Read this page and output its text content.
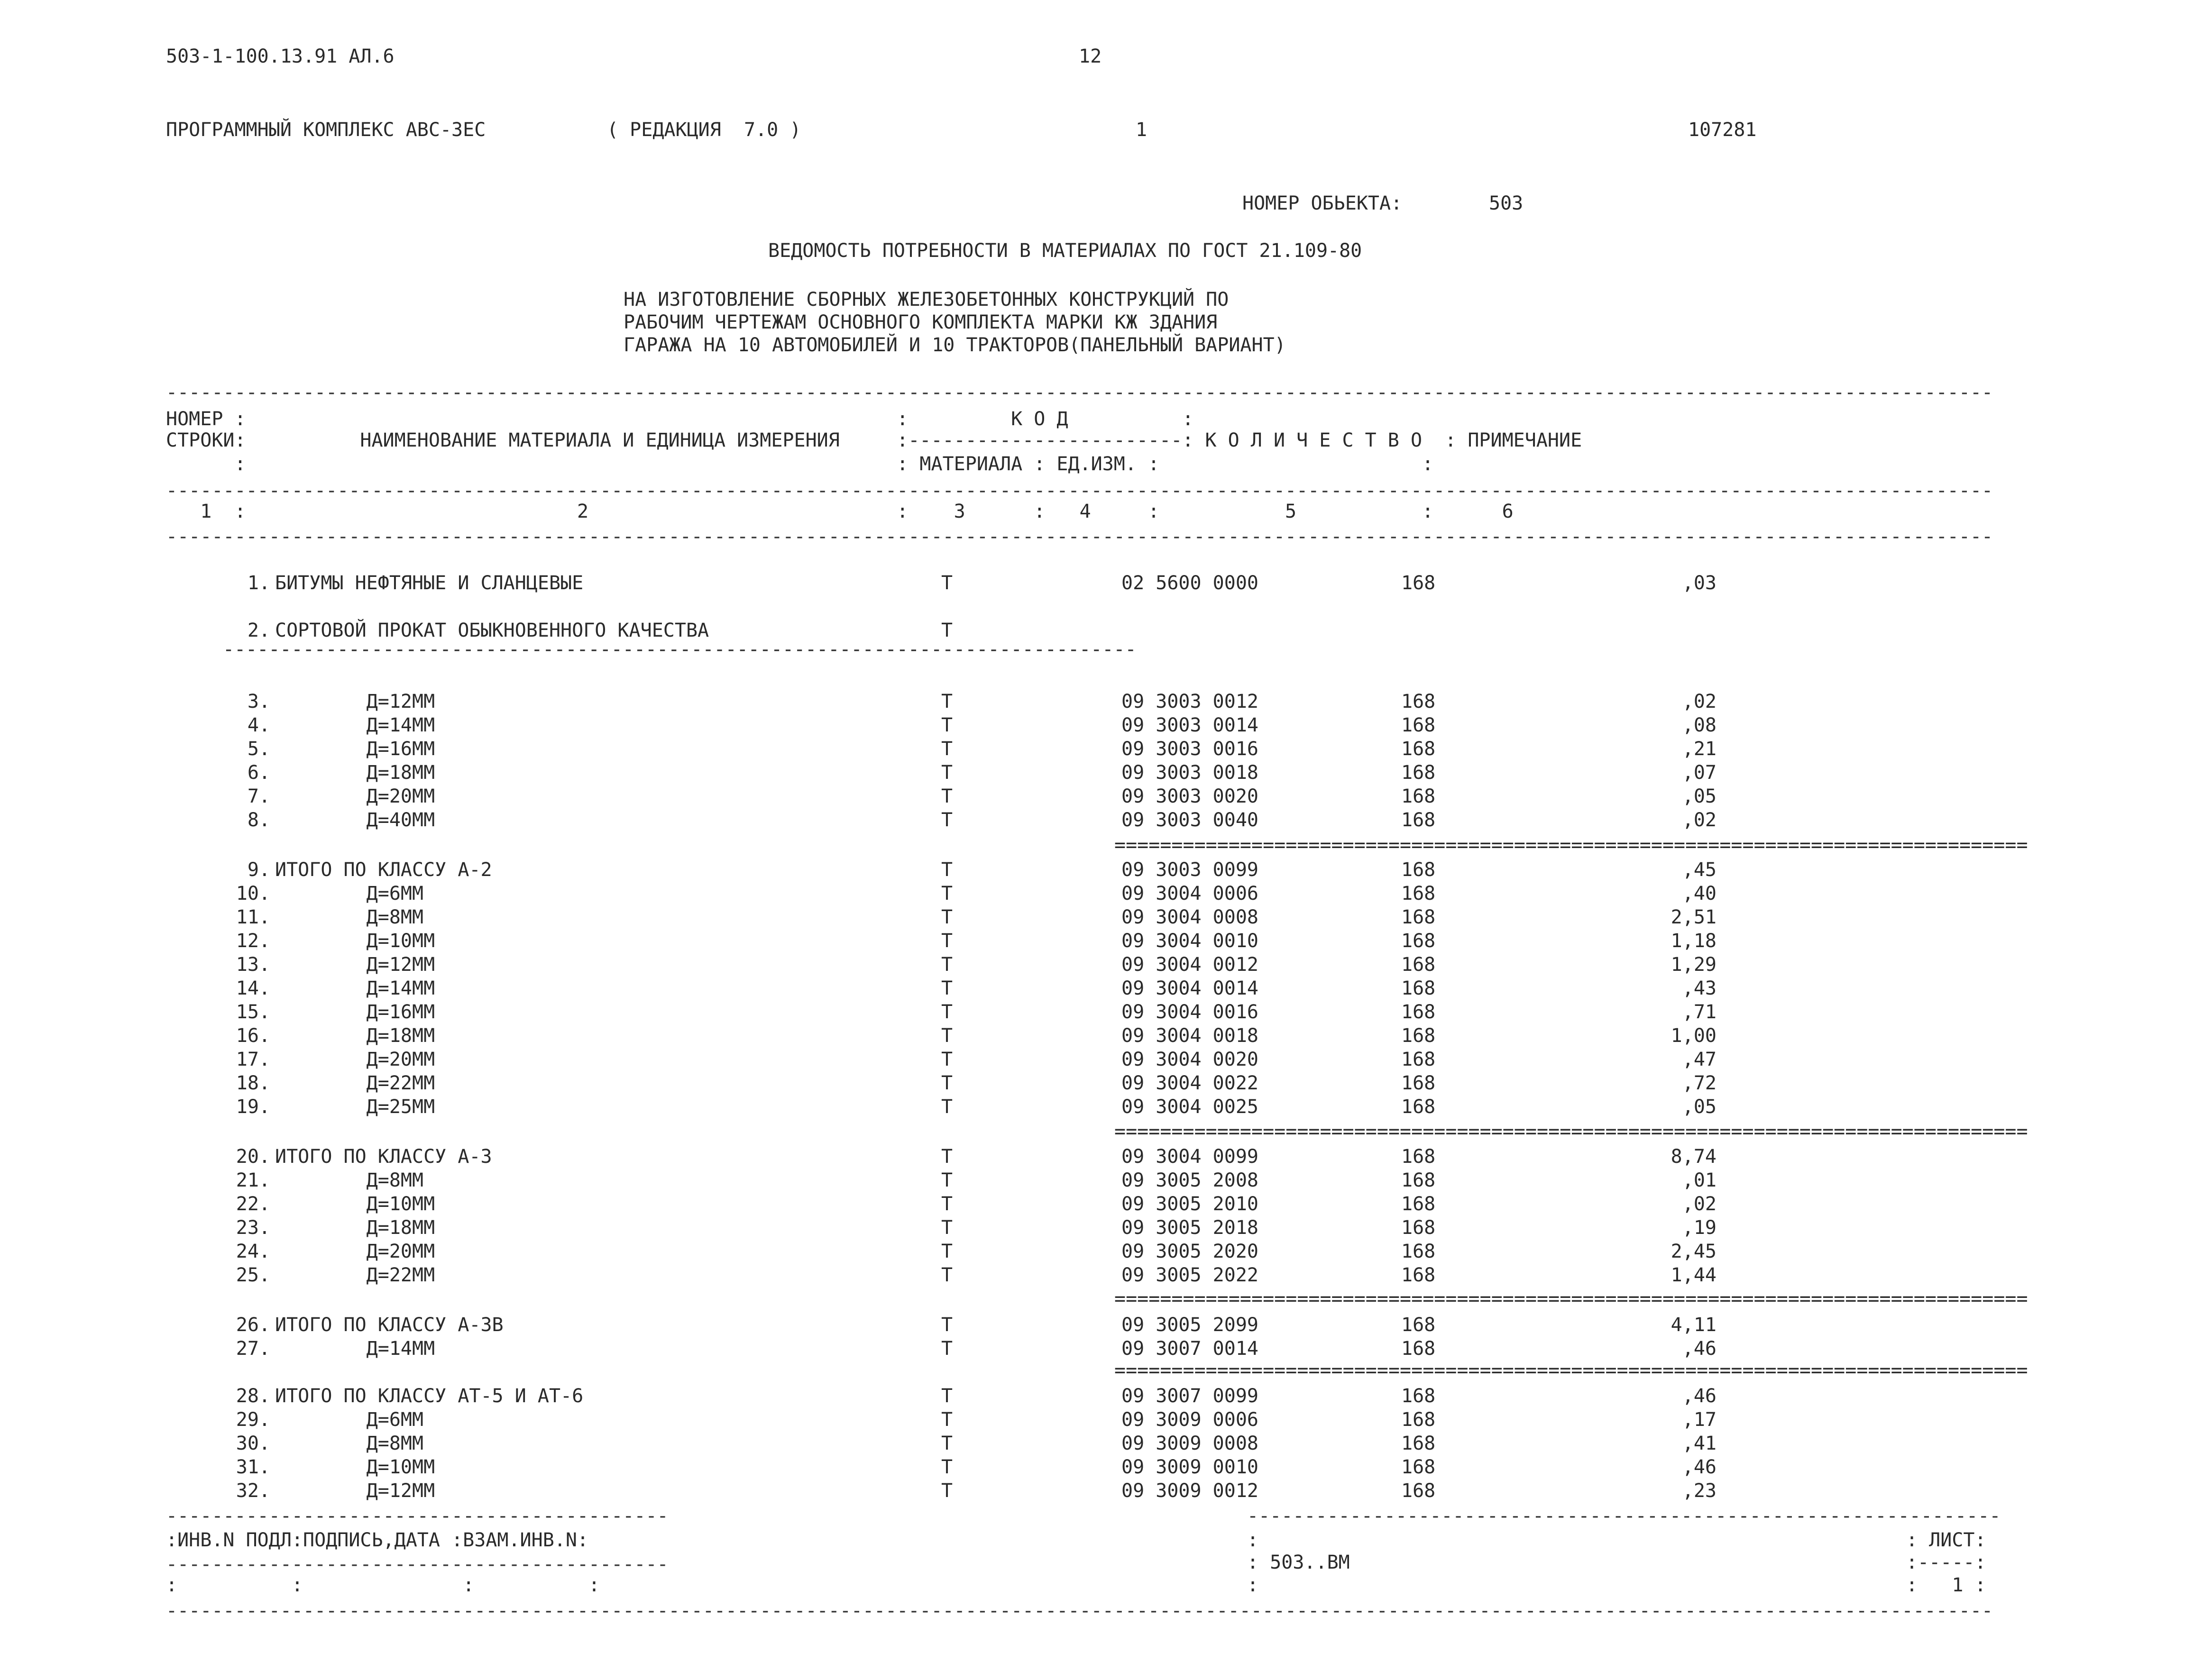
503-1-100.13.91 АЛ.6	12
ПРОГРАММНЫЙ КОМПЛЕКС АВС-3ЕС	( РЕДАКЦИЯ  7.0 )	1	107281
НОМЕР ОБЬЕКТА:	503
ВЕДОМОСТЬ ПОТРЕБНОСТИ В МАТЕРИАЛАХ ПО ГОСТ 21.109-80
НА ИЗГОТОВЛЕНИЕ СБОРНЫХ ЖЕЛЕЗОБЕТОННЫХ КОНСТРУКЦИЙ ПО
РАБОЧИМ ЧЕРТЕЖАМ ОСНОВНОГО КОМПЛЕКТА МАРКИ КЖ ЗДАНИЯ
ГАРАЖА НА 10 АВТОМОБИЛЕЙ И 10 ТРАКТОРОВ(ПАНЕЛЬНЫЙ ВАРИАНТ)
----------------------------------------------------------------------------------------------------------------------------------------------------------------
НОМЕР :                                                         :         К О Д          :
СТРОКИ:          НАИМЕНОВАНИЕ МАТЕРИАЛА И ЕДИНИЦА ИЗМЕРЕНИЯ     :------------------------: К О Л И Ч Е С Т В О  : ПРИМЕЧАНИЕ
:                                                         : МАТЕРИАЛА : ЕД.ИЗМ. :                       :
----------------------------------------------------------------------------------------------------------------------------------------------------------------
1  :                             2                           :    3      :   4     :           5           :      6
----------------------------------------------------------------------------------------------------------------------------------------------------------------
1. БИТУМЫ НЕФТЯНЫЕ И СЛАНЦЕВЫЕ	Т	02 5600 0000	168	,03
2. СОРТОВОЙ ПРОКАТ ОБЫКНОВЕННОГО КАЧЕСТВА	Т
3. Д=12ММ	Т	09 3003 0012	168	,02
4. Д=14ММ	Т	09 3003 0014	168	,08
5. Д=16ММ	Т	09 3003 0016	168	,21
6. Д=18ММ	Т	09 3003 0018	168	,07
7. Д=20ММ	Т	09 3003 0020	168	,05
8. Д=40ММ	Т	09 3003 0040	168	,02
9. ИТОГО ПО КЛАССУ А-2	Т	09 3003 0099	168	,45
10. Д=6ММ	Т	09 3004 0006	168	,40
11. Д=8ММ	Т	09 3004 0008	168	2,51
12. Д=10ММ	Т	09 3004 0010	168	1,18
13. Д=12ММ	Т	09 3004 0012	168	1,29
14. Д=14ММ	Т	09 3004 0014	168	,43
15. Д=16ММ	Т	09 3004 0016	168	,71
16. Д=18ММ	Т	09 3004 0018	168	1,00
17. Д=20ММ	Т	09 3004 0020	168	,47
18. Д=22ММ	Т	09 3004 0022	168	,72
19. Д=25ММ	Т	09 3004 0025	168	,05
20. ИТОГО ПО КЛАССУ А-3	Т	09 3004 0099	168	8,74
21. Д=8ММ	Т	09 3005 2008	168	,01
22. Д=10ММ	Т	09 3005 2010	168	,02
23. Д=18ММ	Т	09 3005 2018	168	,19
24. Д=20ММ	Т	09 3005 2020	168	2,45
25. Д=22ММ	Т	09 3005 2022	168	1,44
26. ИТОГО ПО КЛАССУ А-3В	Т	09 3005 2099	168	4,11
27. Д=14ММ	Т	09 3007 0014	168	,46
28. ИТОГО ПО КЛАССУ АТ-5 И АТ-6	Т	09 3007 0099	168	,46
29. Д=6ММ	Т	09 3009 0006	168	,17
30. Д=8ММ	Т	09 3009 0008	168	,41
31. Д=10ММ	Т	09 3009 0010	168	,46
32. Д=12ММ	Т	09 3009 0012	168	,23
--------------------------------------------------------------------------------
================================================================================
================================================================================
================================================================================
================================================================================
--------------------------------------------	------------------------------------------------------------------
:ИНВ.N ПОДЛ:ПОДПИСЬ,ДАТА :ВЗАМ.ИНВ.N:	:	: ЛИСТ:
--------------------------------------------	: 503..ВМ	:-----:
:          :              :          :	:	:   1 :
----------------------------------------------------------------------------------------------------------------------------------------------------------------
